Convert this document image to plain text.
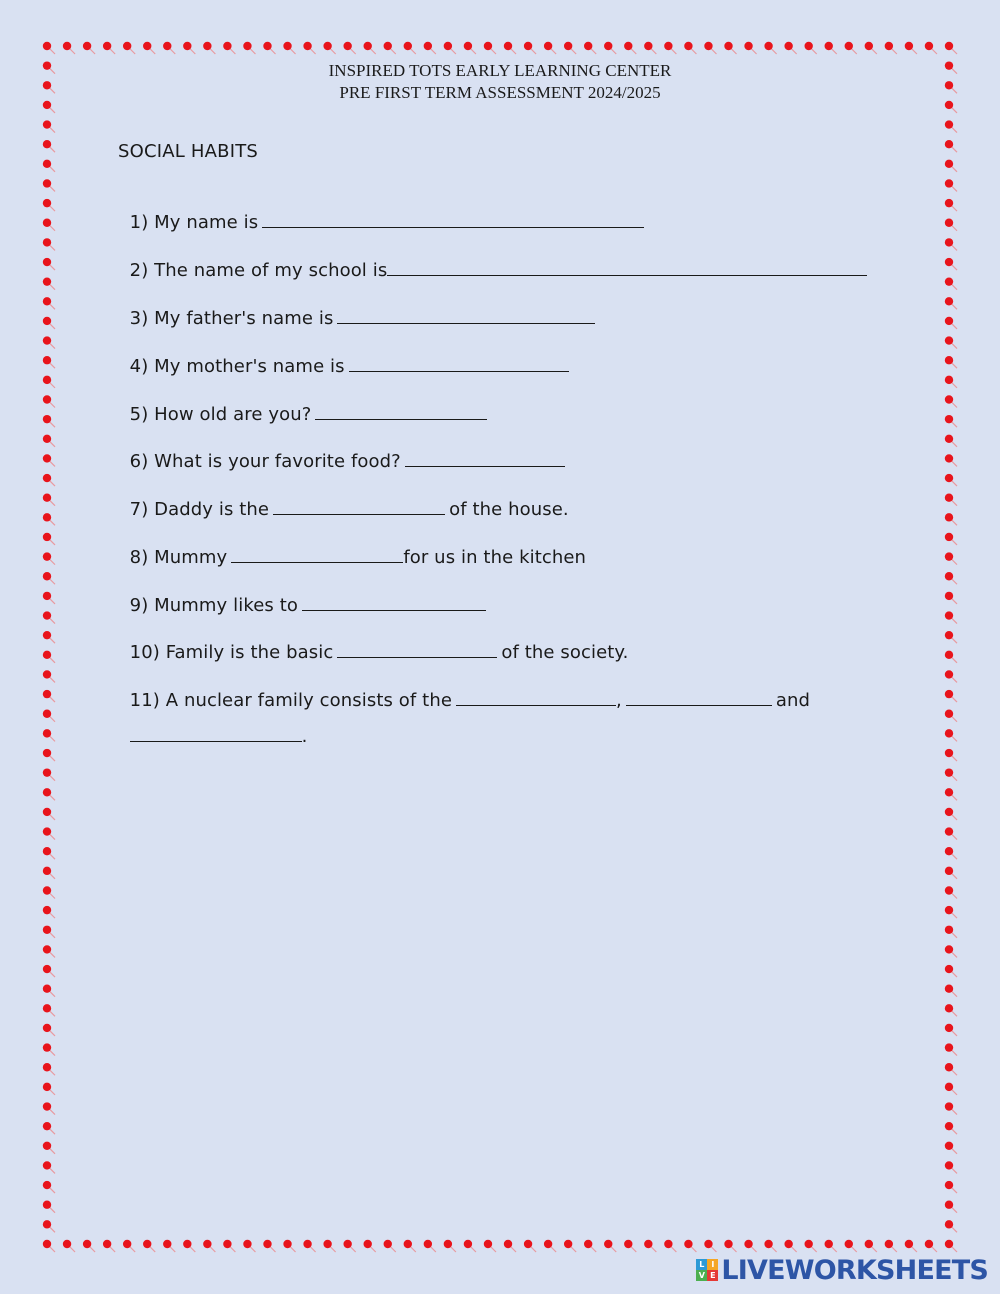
INSPIRED TOTS EARLY LEARNING CENTER
PRE FIRST TERM ASSESSMENT 2024/2025
SOCIAL HABITS

1) My name is

2) The name of my school is

3) My father's name is

4) My mother's name is

5) How old are you?

6) What is your favorite food?

7) Daddy is the	of the house.

8) Mummy	for us in the kitchen

9) Mummy likes to

10) Family is the basic	of the society.

11) A nuclear family consists of the	,	and

.

L I
V E LIVEWORKSHEETS
